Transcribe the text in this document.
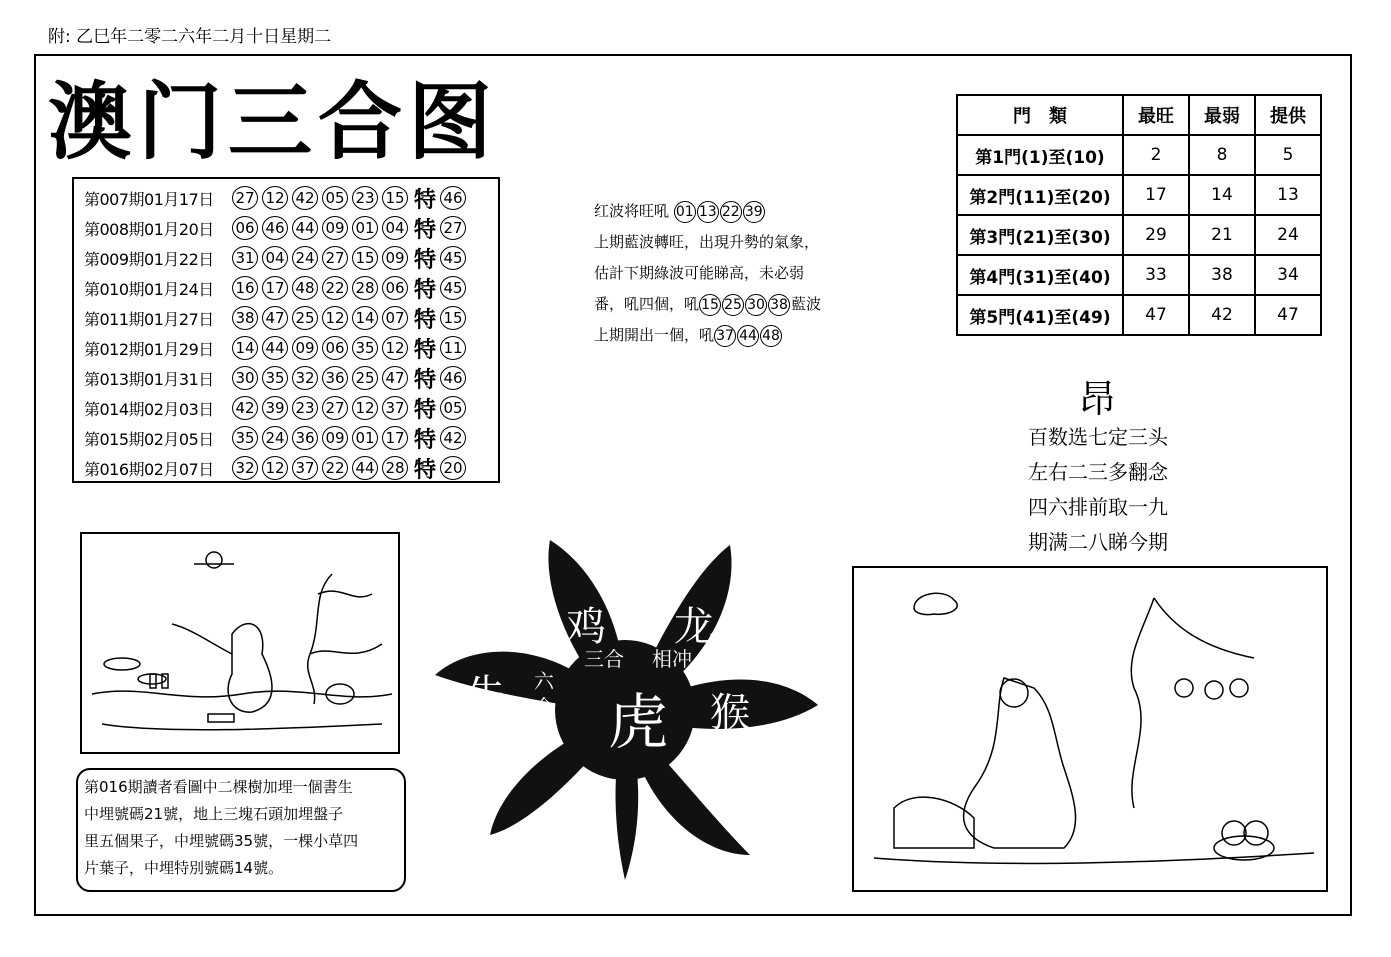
附: 乙巳年二零二六年二月十日星期二
澳门三合图
第007期01月17日	27 12 42 05 23 15 特 46
第008期01月20日	06 46 44 09 01 04 特 27
第009期01月22日	31 04 24 27 15 09 特 45
第010期01月24日	16 17 48 22 28 06 特 45
第011期01月27日	38 47 25 12 14 07 特 15
第012期01月29日	14 44 09 06 35 12 特 11
第013期01月31日	30 35 32 36 25 47 特 46
第014期02月03日	42 39 23 27 12 37 特 05
第015期02月05日	35 24 36 09 01 17 特 42
第016期02月07日	32 12 37 22 44 28 特 20
红波将旺吼 01 13 22 39
上期藍波轉旺，出現升勢的氣象，
估計下期綠波可能睇高，未必弱
番，吼四個，吼 15 25 30 38 藍波
上期開出一個，吼 37 44 48
門　類	最旺	最弱	提供
第1門(1)至(10)	2	8	5
第2門(11)至(20)	17	14	13
第3門(21)至(30)	29	21	24
第4門(31)至(40)	33	38	34
第5門(41)至(49)	47	42	47
昂
百数选七定三头
左右二三多翻念
四六排前取一九
期满二八睇今期
第016期讀者看圖中二棵樹加埋一個書生
中埋號碼21號，地上三塊石頭加埋盤子
里五個果子，中埋號碼35號，一棵小草四
片葉子，中埋特別號碼14號。
鸡 龙
三合 相冲
牛 六
合 虎 猴
